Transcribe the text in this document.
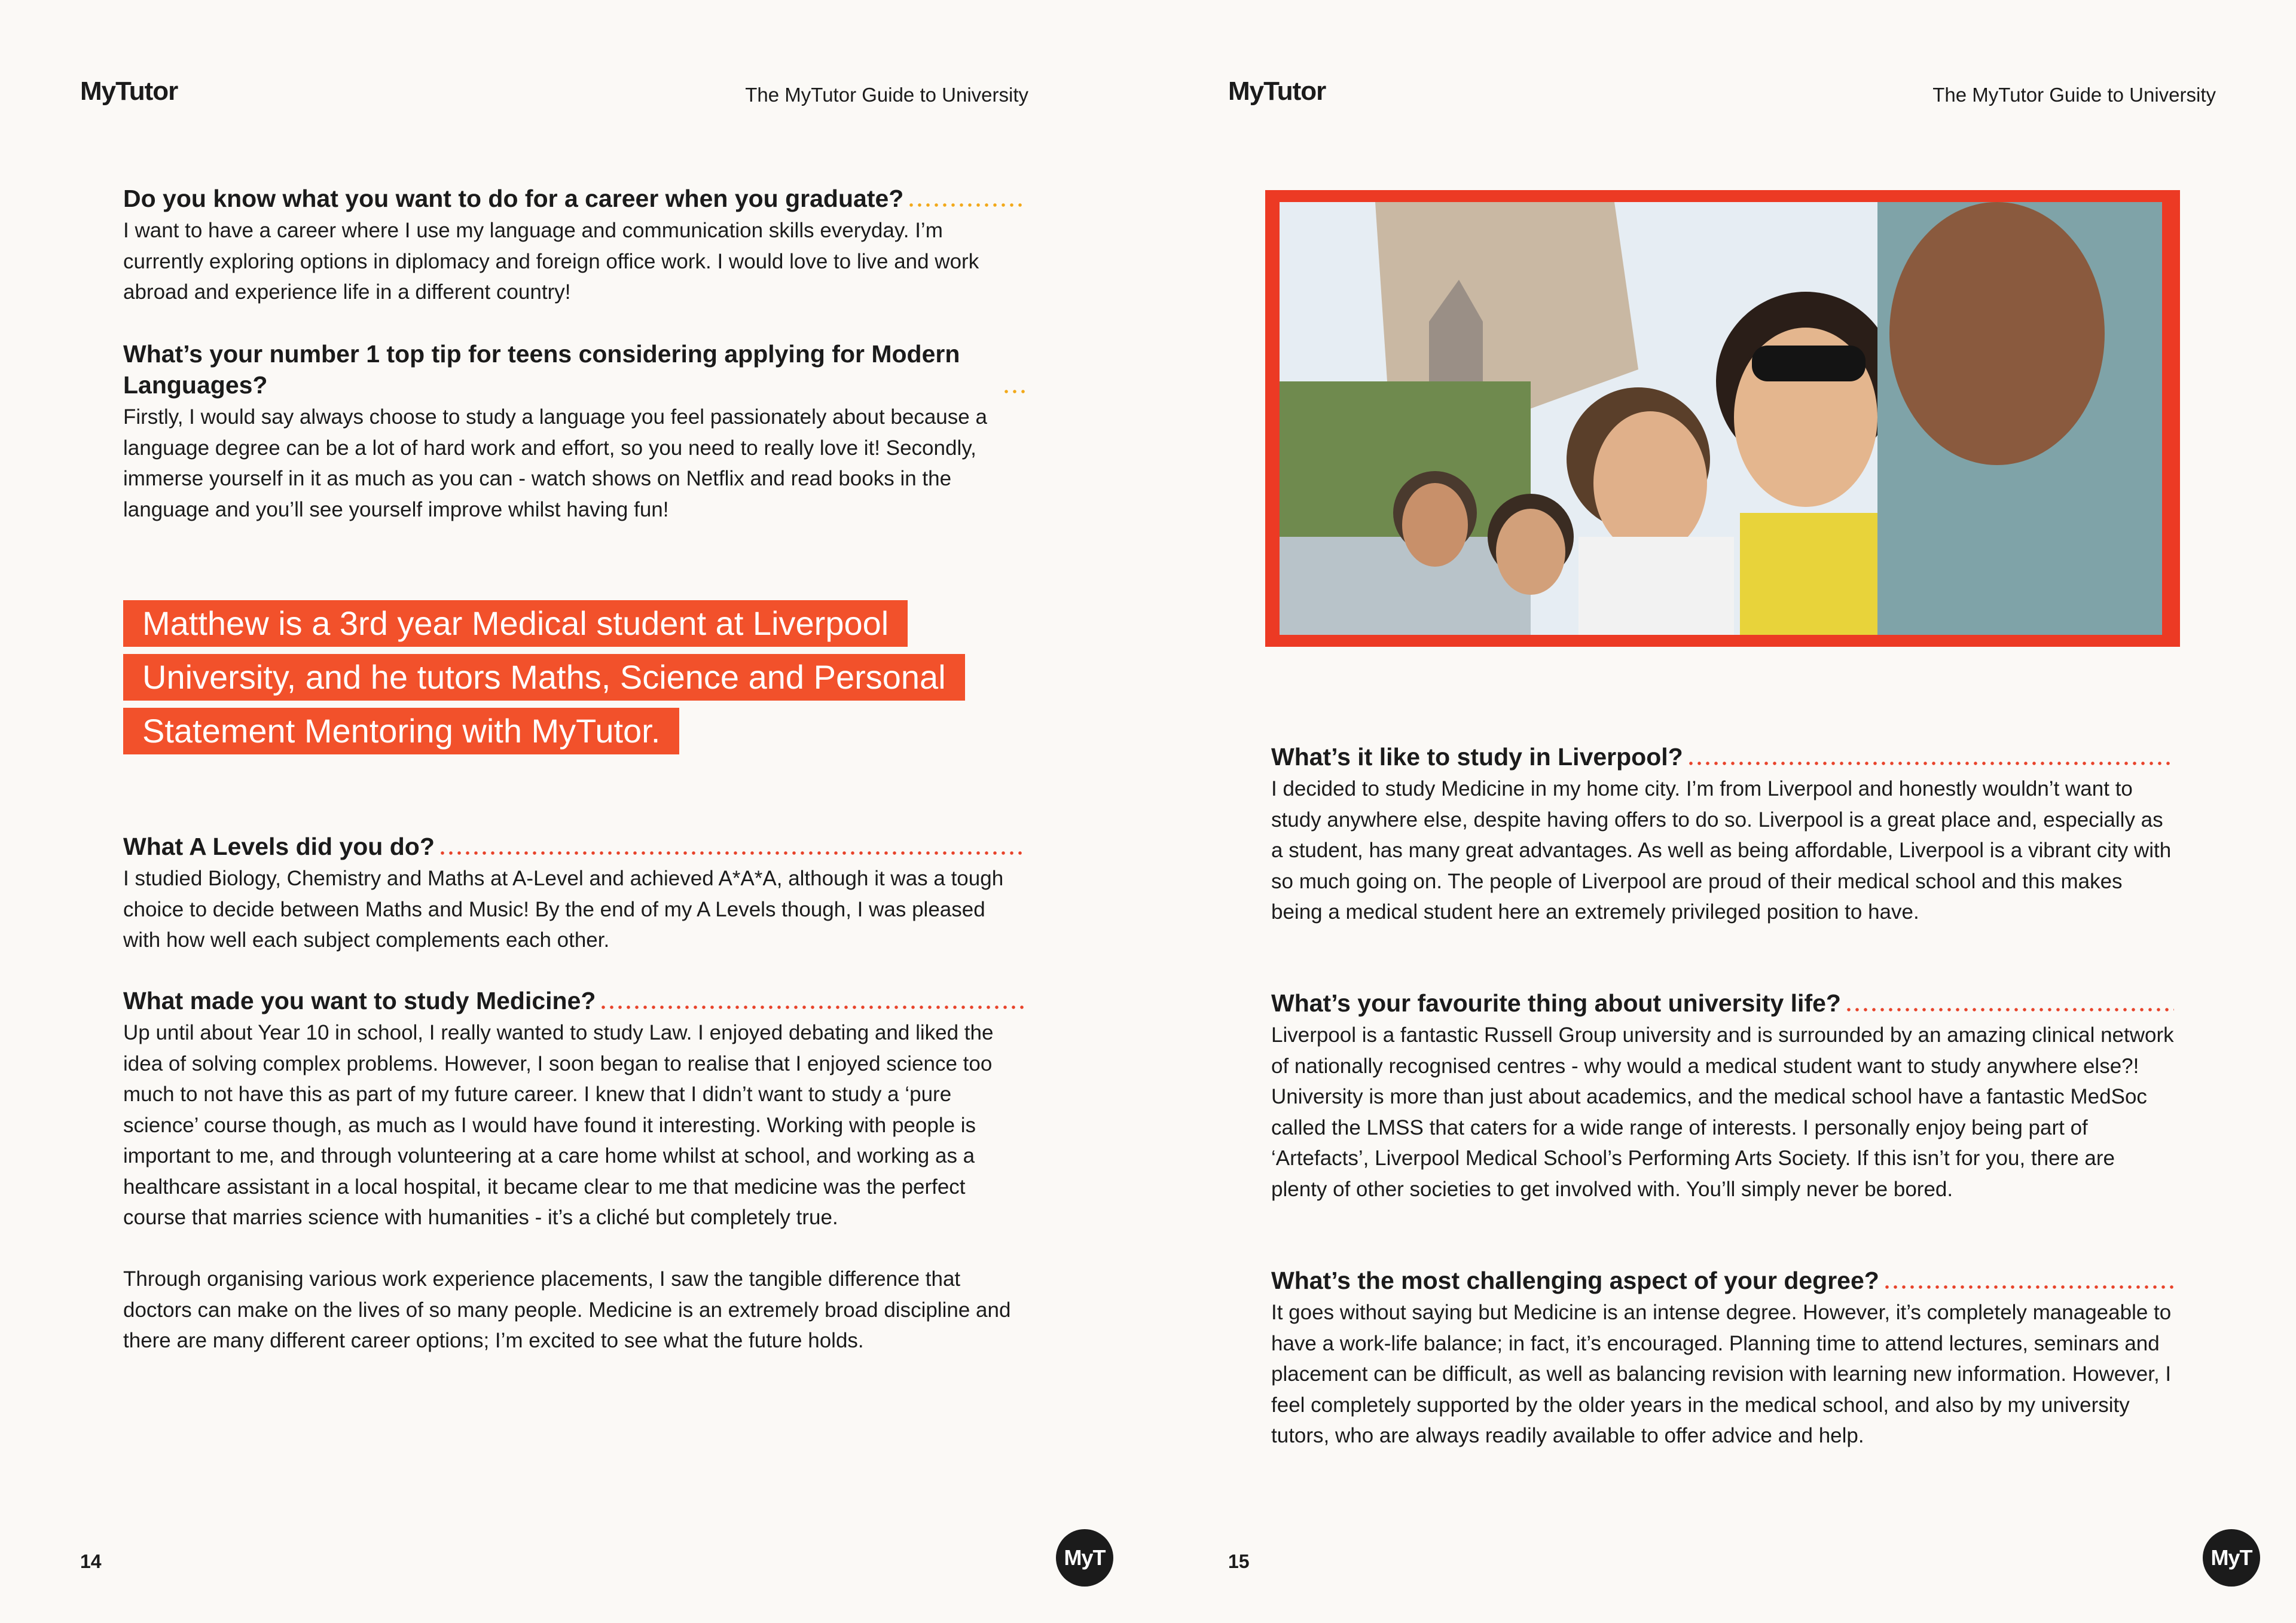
MyTutor	The MyTutor Guide to University
Do you know what you want to do for a career when you graduate?
I want to have a career where I use my language and communication skills everyday. I’m currently exploring options in diplomacy and foreign office work. I would love to live and work abroad and experience life in a different country!
What’s your number 1 top tip for teens considering applying for Modern Languages?
Firstly, I would say always choose to study a language you feel passionately about because a language degree can be a lot of hard work and effort, so you need to really love it! Secondly, immerse yourself in it as much as you can - watch shows on Netflix and read books in the language and you’ll see yourself improve whilst having fun!
Matthew is a 3rd year Medical student at Liverpool
University, and he tutors Maths, Science and Personal
Statement Mentoring with MyTutor.
What A Levels did you do?
I studied Biology, Chemistry and Maths at A-Level and achieved A*A*A, although it was a tough choice to decide between Maths and Music! By the end of my A Levels though, I was pleased with how well each subject complements each other.
What made you want to study Medicine?
Up until about Year 10 in school, I really wanted to study Law. I enjoyed debating and liked the idea of solving complex problems. However, I soon began to realise that I enjoyed science too much to not have this as part of my future career. I knew that I didn’t want to study a ‘pure science’ course though, as much as I would have found it interesting. Working with people is important to me, and through volunteering at a care home whilst at school, and working as a healthcare assistant in a local hospital, it became clear to me that medicine was the perfect course that marries science with humanities - it’s a cliché but completely true.

Through organising various work experience placements, I saw the tangible difference that doctors can make on the lives of so many people. Medicine is an extremely broad discipline and there are many different career options; I’m excited to see what the future holds.
14	MyT
MyTutor	The MyTutor Guide to University
15	MyT
What’s it like to study in Liverpool?
I decided to study Medicine in my home city. I’m from Liverpool and honestly wouldn’t want to study anywhere else, despite having offers to do so. Liverpool is a great place and, especially as a student, has many great advantages. As well as being affordable, Liverpool is a vibrant city with so much going on. The people of Liverpool are proud of their medical school and this makes being a medical student here an extremely privileged position to have.
What’s your favourite thing about university life?
Liverpool is a fantastic Russell Group university and is surrounded by an amazing clinical network of nationally recognised centres - why would a medical student want to study anywhere else?! University is more than just about academics, and the medical school have a fantastic MedSoc called the LMSS that caters for a wide range of interests. I personally enjoy being part of ‘Artefacts’, Liverpool Medical School’s Performing Arts Society. If this isn’t for you, there are plenty of other societies to get involved with. You’ll simply never be bored.
What’s the most challenging aspect of your degree?
It goes without saying but Medicine is an intense degree. However, it’s completely manageable to have a work-life balance; in fact, it’s encouraged. Planning time to attend lectures, seminars and placement can be difficult, as well as balancing revision with learning new information. However, I feel completely supported by the older years in the medical school, and also by my university tutors, who are always readily available to offer advice and help.
